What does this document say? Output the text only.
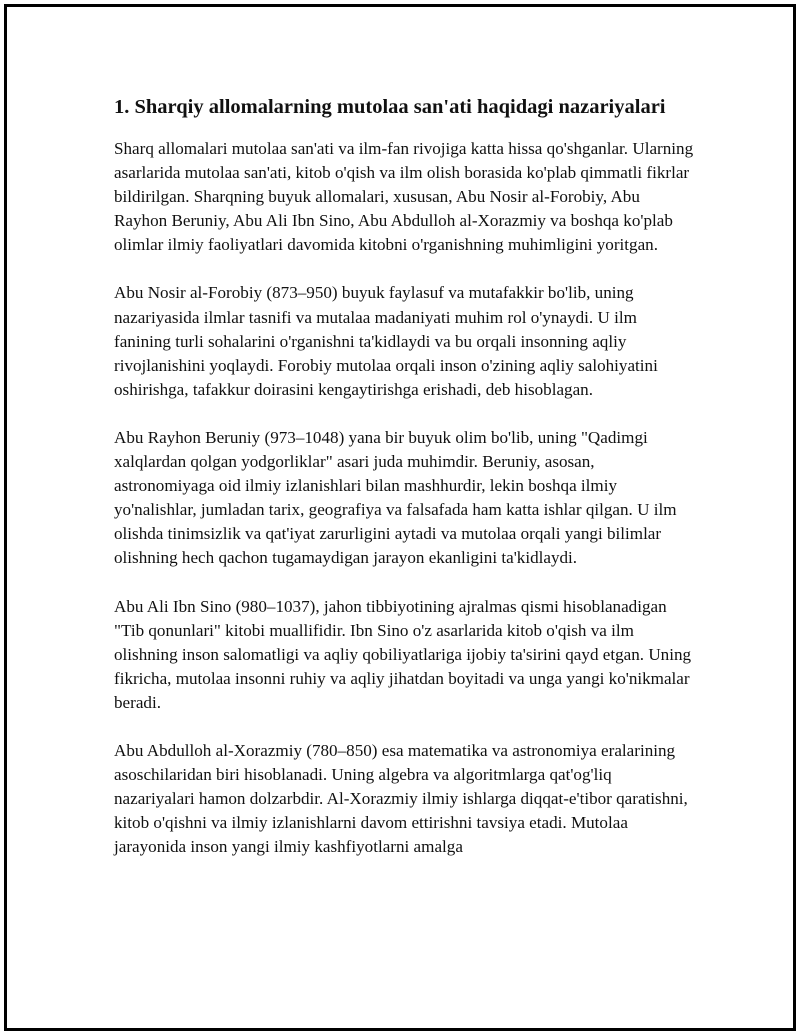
1. Sharqiy allomalarning mutolaa san'ati haqidagi nazariyalari

Sharq allomalari mutolaa san'ati va ilm-fan rivojiga katta hissa qo'shganlar. Ularning asarlarida mutolaa san'ati, kitob o'qish va ilm olish borasida ko'plab qimmatli fikrlar bildirilgan. Sharqning buyuk allomalari, xususan, Abu Nosir al-Forobiy, Abu Rayhon Beruniy, Abu Ali Ibn Sino, Abu Abdulloh al-Xorazmiy va boshqa ko'plab olimlar ilmiy faoliyatlari davomida kitobni o'rganishning muhimligini yoritgan.

Abu Nosir al-Forobiy (873–950) buyuk faylasuf va mutafakkir bo'lib, uning nazariyasida ilmlar tasnifi va mutalaa madaniyati muhim rol o'ynaydi. U ilm fanining turli sohalarini o'rganishni ta'kidlaydi va bu orqali insonning aqliy rivojlanishini yoqlaydi. Forobiy mutolaa orqali inson o'zining aqliy salohiyatini oshirishga, tafakkur doirasini kengaytirishga erishadi, deb hisoblagan.

Abu Rayhon Beruniy (973–1048) yana bir buyuk olim bo'lib, uning "Qadimgi xalqlardan qolgan yodgorliklar" asari juda muhimdir. Beruniy, asosan, astronomiyaga oid ilmiy izlanishlari bilan mashhurdir, lekin boshqa ilmiy yo'nalishlar, jumladan tarix, geografiya va falsafada ham katta ishlar qilgan. U ilm olishda tinimsizlik va qat'iyat zarurligini aytadi va mutolaa orqali yangi bilimlar olishning hech qachon tugamaydigan jarayon ekanligini ta'kidlaydi.

Abu Ali Ibn Sino (980–1037), jahon tibbiyotining ajralmas qismi hisoblanadigan "Tib qonunlari" kitobi muallifidir. Ibn Sino o'z asarlarida kitob o'qish va ilm olishning inson salomatligi va aqliy qobiliyatlariga ijobiy ta'sirini qayd etgan. Uning fikricha, mutolaa insonni ruhiy va aqliy jihatdan boyitadi va unga yangi ko'nikmalar beradi.

Abu Abdulloh al-Xorazmiy (780–850) esa matematika va astronomiya eralarining asoschilaridan biri hisoblanadi. Uning algebra va algoritmlarga qat'og'liq nazariyalari hamon dolzarbdir. Al-Xorazmiy ilmiy ishlarga diqqat-e'tibor qaratishni, kitob o'qishni va ilmiy izlanishlarni davom ettirishni tavsiya etadi. Mutolaa jarayonida inson yangi ilmiy kashfiyotlarni amalga
